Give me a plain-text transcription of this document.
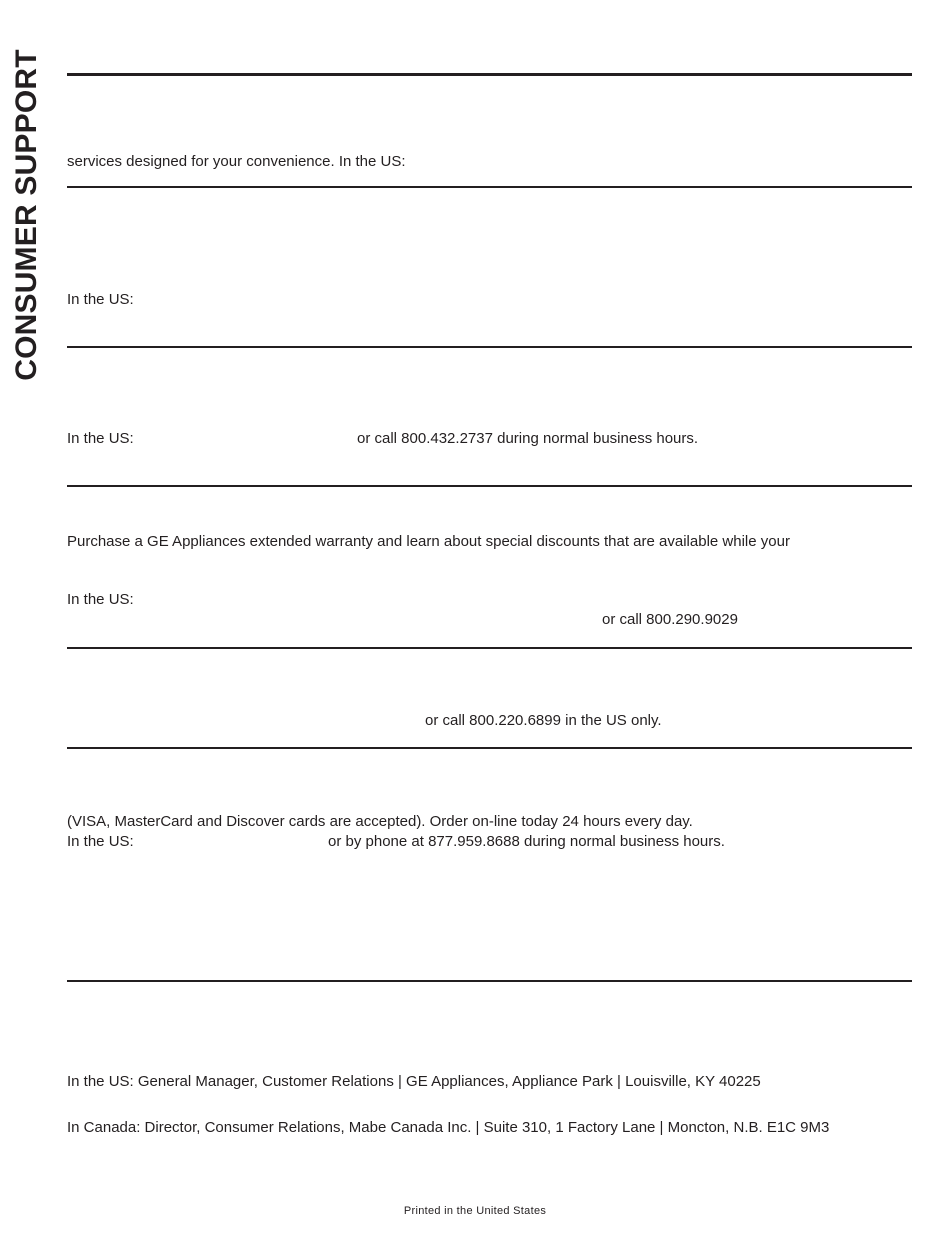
CONSUMER SUPPORT services designed for your convenience. In the US:
In the US:
In the US:	or call 800.432.2737 during normal business hours.
Purchase a GE Appliances extended warranty and learn about special discounts that are available while your
In the US:
or call 800.290.9029
or call 800.220.6899 in the US only.
(VISA, MasterCard and Discover cards are accepted). Order on-line today 24 hours every day.
In the US:	or by phone at 877.959.8688 during normal business hours.
In the US: General Manager, Customer Relations | GE Appliances, Appliance Park | Louisville, KY 40225
In Canada: Director, Consumer Relations, Mabe Canada Inc. | Suite 310, 1 Factory Lane | Moncton, N.B. E1C 9M3
Printed in the United States
